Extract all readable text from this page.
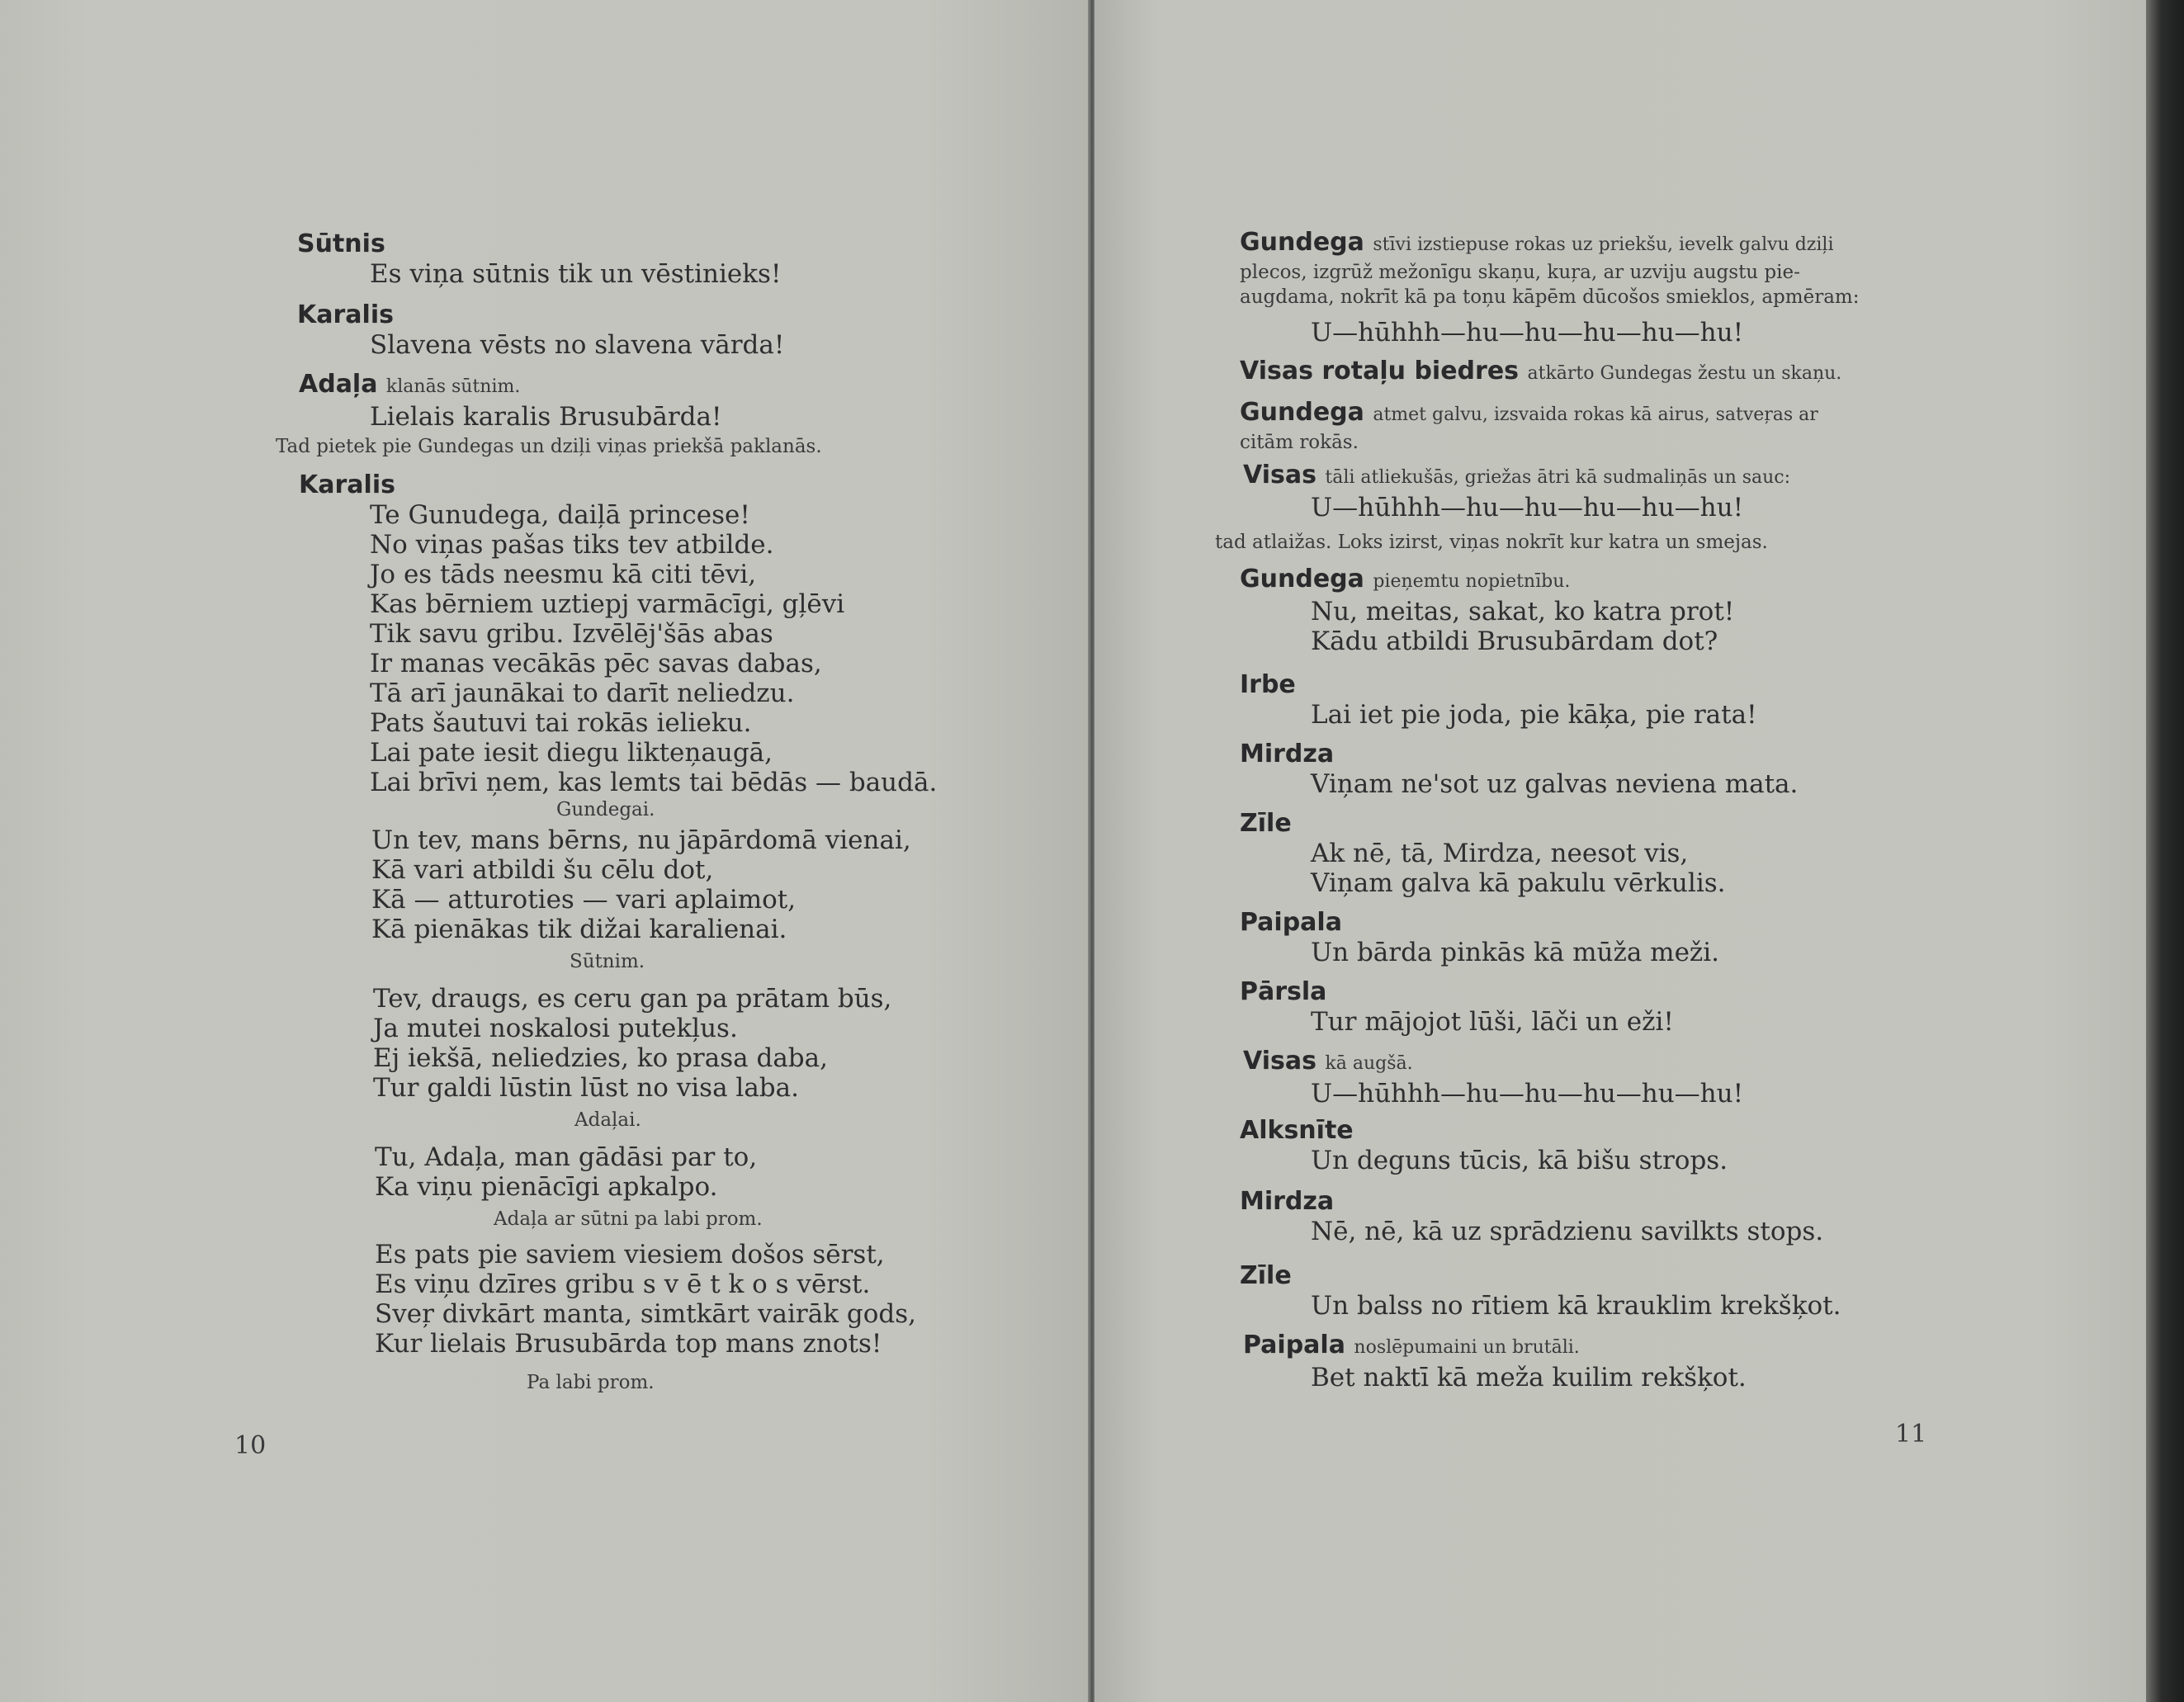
Sūtnis
Es viņa sūtnis tik un vēstinieks!
Karalis
Slavena vēsts no slavena vārda!
Adaļa klanās sūtnim.
Lielais karalis Brusubārda!
Tad pietek pie Gundegas un dziļi viņas priekšā paklanās.
Karalis
Te Gunudega, daiļā princese!
No viņas pašas tiks tev atbilde.
Jo es tāds neesmu kā citi tēvi,
Kas bērniem uztiepj varmācīgi, gļēvi
Tik savu gribu. Izvēlēj'šās abas
Ir manas vecākās pēc savas dabas,
Tā arī jaunākai to darīt neliedzu.
Pats šautuvi tai rokās ielieku.
Lai pate iesit diegu likteņaugā,
Lai brīvi ņem, kas lemts tai bēdās — baudā.
Gundegai.
Un tev, mans bērns, nu jāpārdomā vienai,
Kā vari atbildi šu cēlu dot,
Kā — atturoties — vari aplaimot,
Kā pienākas tik dižai karalienai.
Sūtnim.
Tev, draugs, es ceru gan pa prātam būs,
Ja mutei noskalosi putekļus.
Ej iekšā, neliedzies, ko prasa daba,
Tur galdi lūstin lūst no visa laba.
Adaļai.
Tu, Adaļa, man gādāsi par to,
Ka viņu pienācīgi apkalpo.
Adaļa ar sūtni pa labi prom.
Es pats pie saviem viesiem došos sērst,
Es viņu dzīres gribu s v ē t k o s vērst.
Sveŗ divkārt manta, simtkārt vairāk gods,
Kur lielais Brusubārda top mans znots!
Pa labi prom.
10
Gundega stīvi izstiepuse rokas uz priekšu, ievelk galvu dziļi
plecos, izgrūž mežonīgu skaņu, kuŗa, ar uzviju augstu pie-
augdama, nokrīt kā pa toņu kāpēm dūcošos smieklos, apmēram:
U—hūhhh—hu—hu—hu—hu—hu!
Visas rotaļu biedres atkārto Gundegas žestu un skaņu.
Gundega atmet galvu, izsvaida rokas kā airus, satveŗas ar
citām rokās.
Visas tāli atliekušās, griežas ātri kā sudmaliņās un sauc:
U—hūhhh—hu—hu—hu—hu—hu!
tad atlaižas. Loks izirst, viņas nokrīt kur katra un smejas.
Gundega pieņemtu nopietnību.
Nu, meitas, sakat, ko katra prot!
Kādu atbildi Brusubārdam dot?
Irbe
Lai iet pie joda, pie kāķa, pie rata!
Mirdza
Viņam ne'sot uz galvas neviena mata.
Zīle
Ak nē, tā, Mirdza, neesot vis,
Viņam galva kā pakulu vērkulis.
Paipala
Un bārda pinkās kā mūža meži.
Pārsla
Tur mājojot lūši, lāči un eži!
Visas kā augšā.
U—hūhhh—hu—hu—hu—hu—hu!
Alksnīte
Un deguns tūcis, kā bišu strops.
Mirdza
Nē, nē, kā uz sprādzienu savilkts stops.
Zīle
Un balss no rītiem kā krauklim krekšķot.
Paipala noslēpumaini un brutāli.
Bet naktī kā meža kuilim rekšķot.
11
